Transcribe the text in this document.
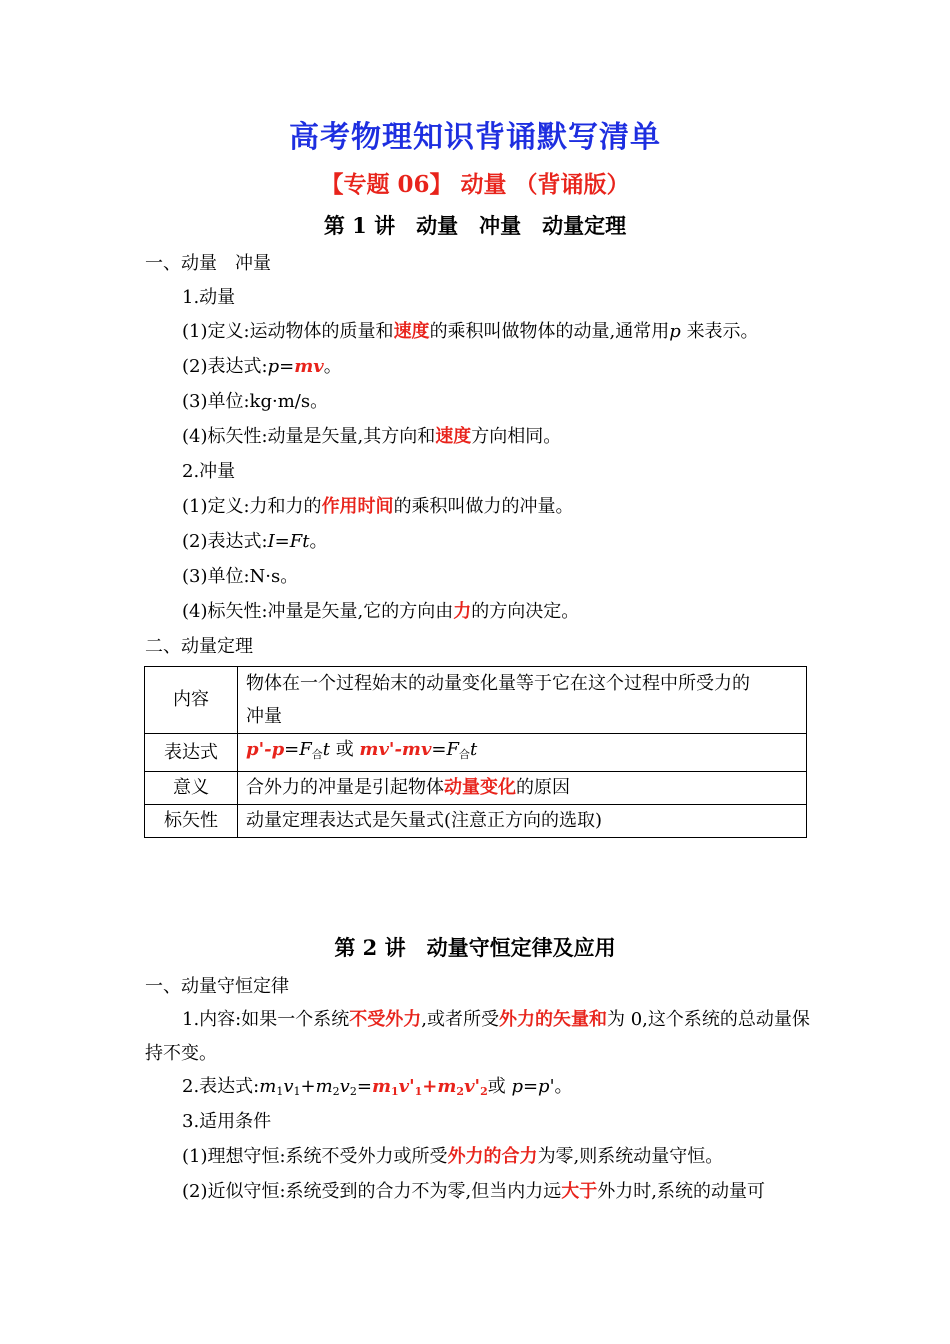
高考物理知识背诵默写清单
【专题 06】 动量 （背诵版）
第 1 讲　动量　冲量　动量定理
一、动量　冲量
1.动量
(1)定义:运动物体的质量和速度的乘积叫做物体的动量,通常用p 来表示。
(2)表达式:p=mv。
(3)单位:kg·m/s。
(4)标矢性:动量是矢量,其方向和速度方向相同。
2.冲量
(1)定义:力和力的作用时间的乘积叫做力的冲量。
(2)表达式:I=Ft。
(3)单位:N·s。
(4)标矢性:冲量是矢量,它的方向由力的方向决定。
二、动量定理
内容	物体在一个过程始末的动量变化量等于它在这个过程中所受力的
冲量

表达式	$p'-p=F_合t$ 或 $mv'-mv=F_合t$
意义	合外力的冲量是引起物体动量变化的原因
标矢性	动量定理表达式是矢量式(注意正方向的选取)
第 2 讲　动量守恒定律及应用
一、动量守恒定律
1.内容:如果一个系统不受外力,或者所受外力的矢量和为 0,这个系统的总动量保持不变。
2.表达式$:m_1v_1+m_2v_2=m_1v'_1+m_2v'_2$或 p=p'。
3.适用条件
(1)理想守恒:系统不受外力或所受外力的合力为零,则系统动量守恒。
(2)近似守恒:系统受到的合力不为零,但当内力远大于外力时,系统的动量可
